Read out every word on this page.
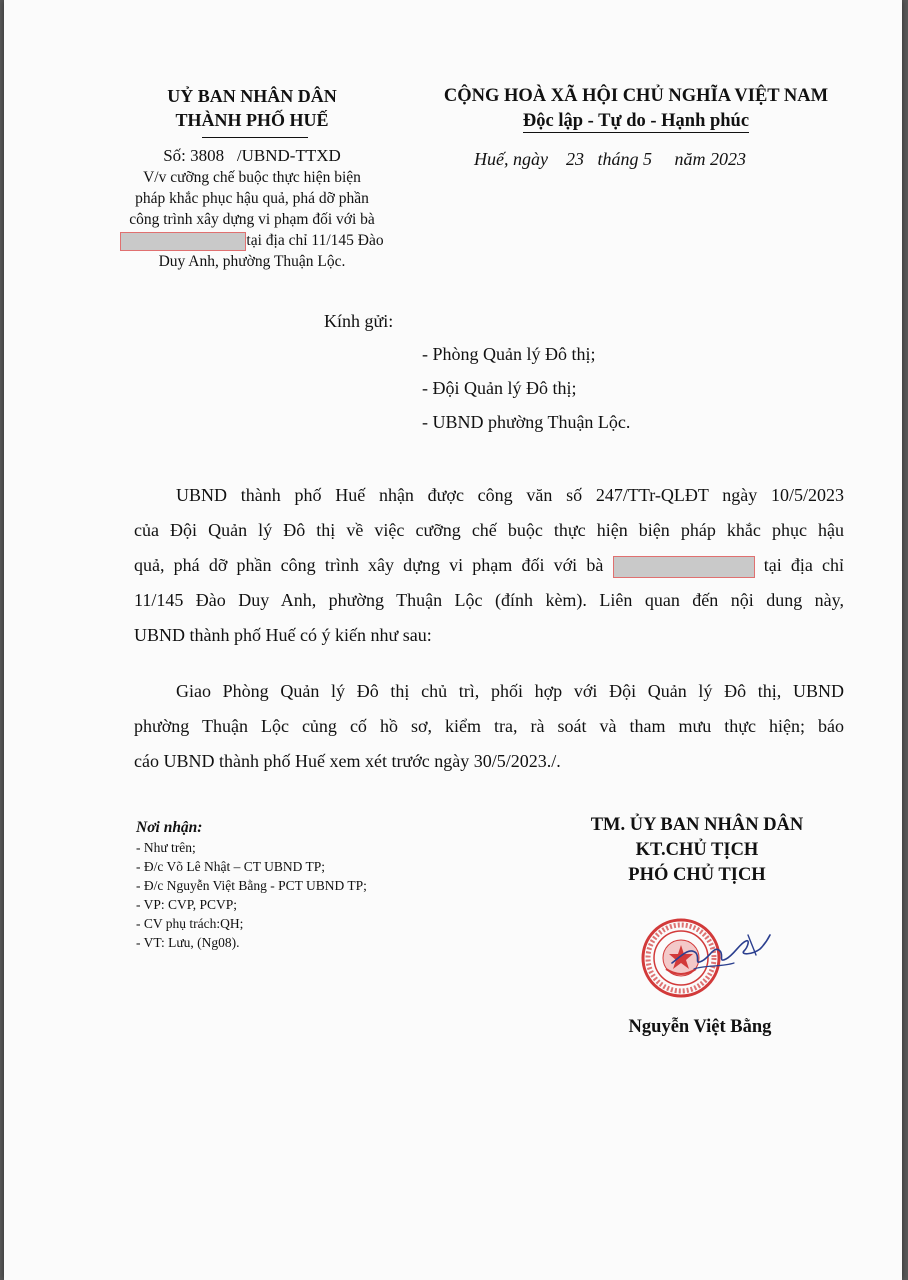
UỶ BAN NHÂN DÂN
THÀNH PHỐ HUẾ
CỘNG HOÀ XÃ HỘI CHỦ NGHĨA VIỆT NAM
Độc lập - Tự do - Hạnh phúc
Số: 3808   /UBND-TTXD
V/v cưỡng chế buộc thực hiện biện
pháp khắc phục hậu quả, phá dỡ phần
công trình xây dựng vi phạm đối với bà
tại địa chỉ 11/145 Đào
Duy Anh, phường Thuận Lộc.
Huế, ngày    23   tháng 5     năm 2023
Kính gửi:
- Phòng Quản lý Đô thị;
- Đội Quản lý Đô thị;
- UBND phường Thuận Lộc.
UBND thành phố Huế nhận được công văn số 247/TTr-QLĐT ngày 10/5/2023
của Đội Quản lý Đô thị về việc cưỡng chế buộc thực hiện biện pháp khắc phục hậu
quả, phá dỡ phần công trình xây dựng vi phạm đối với bà	tại địa chỉ
11/145 Đào Duy Anh, phường Thuận Lộc (đính kèm). Liên quan đến nội dung này,
UBND thành phố Huế có ý kiến như sau:
Giao Phòng Quản lý Đô thị chủ trì, phối hợp với Đội Quản lý Đô thị, UBND
phường Thuận Lộc củng cố hồ sơ, kiểm tra, rà soát và tham mưu thực hiện; báo
cáo UBND thành phố Huế xem xét trước ngày 30/5/2023./.
Nơi nhận:
- Như trên;
- Đ/c Võ Lê Nhật – CT UBND TP;
- Đ/c Nguyễn Việt Bằng - PCT UBND TP;
- VP: CVP, PCVP;
- CV phụ trách:QH;
- VT: Lưu, (Ng08).
TM. ỦY BAN NHÂN DÂN
KT.CHỦ TỊCH
PHÓ CHỦ TỊCH
Nguyễn Việt Bằng
